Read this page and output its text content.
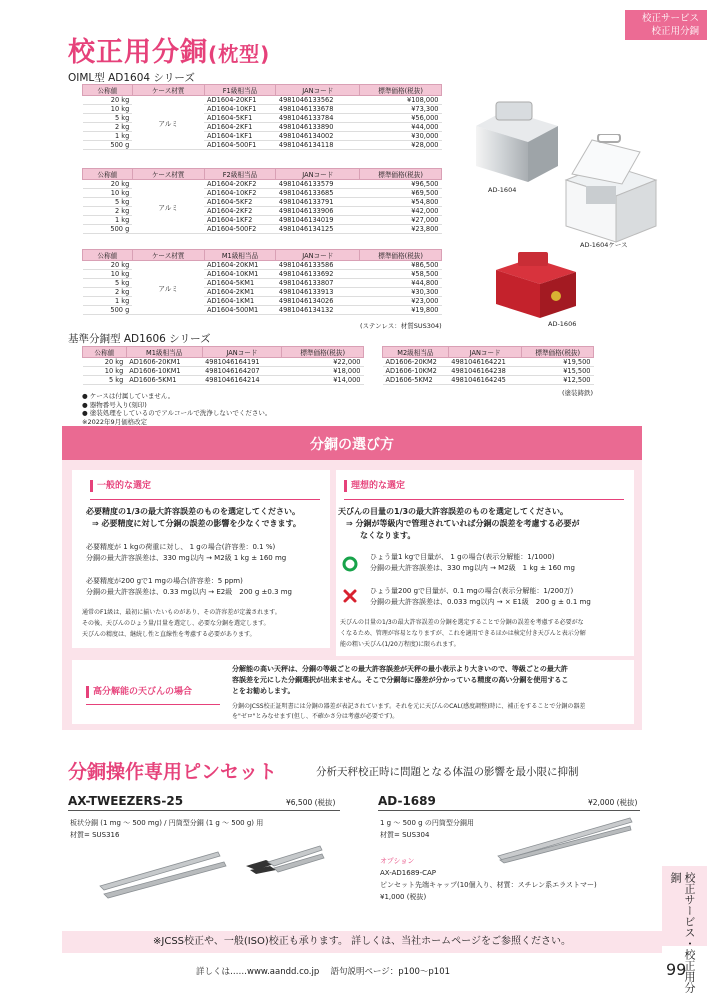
校正サービス
校正用分銅
校正用分銅(枕型)
OIML型 AD1604 シリーズ
公称値	ケース材質	F1級相当品	JANコード	標準価格(税抜)
20 kg	アルミ	AD1604-20KF1	4981046133562	¥108,000
10 kg		AD1604-10KF1	4981046133678	¥73,300
5 kg		AD1604-5KF1	4981046133784	¥56,000
2 kg		AD1604-2KF1	4981046133890	¥44,000
1 kg		AD1604-1KF1	4981046134002	¥30,000
500 g		AD1604-500F1	4981046134118	¥28,000
公称値	ケース材質	F2級相当品	JANコード	標準価格(税抜)
20 kg	アルミ	AD1604-20KF2	4981046133579	¥96,500
10 kg		AD1604-10KF2	4981046133685	¥69,500
5 kg		AD1604-5KF2	4981046133791	¥54,800
2 kg		AD1604-2KF2	4981046133906	¥42,000
1 kg		AD1604-1KF2	4981046134019	¥27,000
500 g		AD1604-500F2	4981046134125	¥23,800
公称値	ケース材質	M1級相当品	JANコード	標準価格(税抜)
20 kg	アルミ	AD1604-20KM1	4981046133586	¥86,500
10 kg		AD1604-10KM1	4981046133692	¥58,500
5 kg		AD1604-5KM1	4981046133807	¥44,800
2 kg		AD1604-2KM1	4981046133913	¥30,300
1 kg		AD1604-1KM1	4981046134026	¥23,000
500 g		AD1604-500M1	4981046134132	¥19,800
(ステンレス：材質SUS304)
AD-1604
AD-1604ケース
AD-1606
基準分銅型 AD1606 シリーズ
公称値	M1級相当品	JANコード	標準価格(税抜)
20 kg	AD1606-20KM1	4981046164191	¥22,000
10 kg	AD1606-10KM1	4981046164207	¥18,000
5 kg	AD1606-5KM1	4981046164214	¥14,000
M2級相当品	JANコード	標準価格(税抜)
AD1606-20KM2	4981046164221	¥19,500
AD1606-10KM2	4981046164238	¥15,500
AD1606-5KM2	4981046164245	¥12,500
(塗装鋳鉄)
● ケースは付属していません。
● 器物番号入り(刻印)
● 塗装処理をしているのでアルコールで洗浄しないでください。
※2022年9月価格改定
分銅の選び方
一般的な選定
必要精度の1/3の最大許容誤差のものを選定してください。
⇒ 必要精度に対して分銅の誤差の影響を少なくできます。
必要精度が 1 kgの荷重に対し、 1 gの場合(許容差：0.1 %)
分銅の最大許容誤差は、330 mg以内 → M2級 1 kg ± 160 mg
必要精度が200 gで1 mgの場合(許容差：5 ppm)
分銅の最大許容誤差は、0.33 mg以内 → E2級　200 g ±0.3 mg
通常のF1級は、最初に揃いたいものがあり、その許容差が定義されます。
その後、天びんのひょう量/目量を選定し、必要な分銅を選定します。
天びんの精度は、継続し性と直線性を考慮する必要があります。
理想的な選定
天びんの目量の1/3の最大許容誤差のものを選定してください。
⇒ 分銅が等級内で管理されていれば分銅の誤差を考慮する必要が
なくなります。
ひょう量1 kgで目量が、 1 gの場合(表示分解能：1/1000)
分銅の最大許容誤差は、330 mg以内 → M2級　1 kg ± 160 mg
ひょう量200 gで目量が、0.1 mgの場合(表示分解能：1/200万)
分銅の最大許容誤差は、0.033 mg以内 → × E1級　200 g ± 0.1 mg
天びんの目量の1/3の最大許容誤差の分銅を選定することで分銅の誤差を考慮する必要がな
くなるため、管理が容易となりますが、これを適用できるほかは検定付き天びんと表示分解
能の粗い天びん(1/20万程度)に限られます。
高分解能の天びんの場合
分解能の高い天秤は、分銅の等級ごとの最大許容誤差が天秤の最小表示より大きいので、等級ごとの最大許
容誤差を元にした分銅選択が出来ません。そこで分銅毎に器差が分かっている精度の高い分銅を使用するこ
とをお勧めします。
分銅のJCSS校正証明書には分銅の器差が表記されています。それを元に天びんのCAL(感度調整)時に、補正をすることで分銅の器差
を"ゼロ"とみなせます(但し、不確かさ分は考慮が必要です)。
分銅操作専用ピンセット	分析天秤校正時に問題となる体温の影響を最小限に抑制
AX-TWEEZERS-25	¥6,500 (税抜)
板状分銅 (1 mg ～ 500 mg) / 円筒型分銅 (1 g ～ 500 g) 用
材質= SUS316
AD-1689	¥2,000 (税抜)
1 g ～ 500 g の円筒型分銅用
材質= SUS304
オプション
AX-AD1689-CAP
ピンセット先端キャップ(10個入り、材質：スチレン系エラストマー)
¥1,000 (税抜)	校正サービス・校正用分銅
※JCSS校正や、一般(ISO)校正も承ります。 詳しくは、当社ホームページをご参照ください。
詳しくは……www.aandd.co.jp　 語句説明ページ：p100～p101	99
